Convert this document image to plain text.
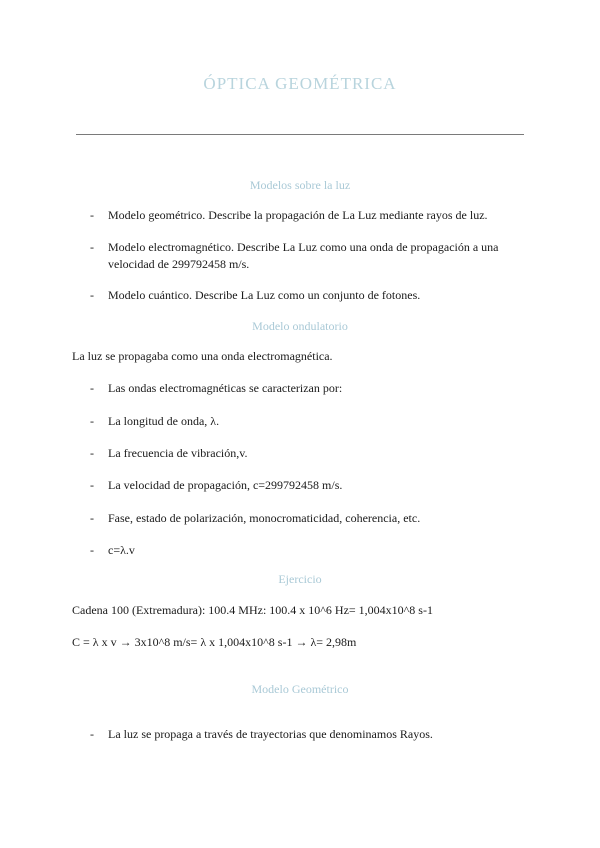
ÓPTICA GEOMÉTRICA
Modelos sobre la luz
- Modelo geométrico. Describe la propagación de La Luz mediante rayos de luz.
- Modelo electromagnético. Describe La Luz como una onda de propagación a una velocidad de 299792458 m/s.
- Modelo cuántico. Describe La Luz como un conjunto de fotones.
Modelo ondulatorio
La luz se propagaba como una onda electromagnética.
- Las ondas electromagnéticas se caracterizan por:
- La longitud de onda, λ.
- La frecuencia de vibración,v.
- La velocidad de propagación, c=299792458 m/s.
- Fase, estado de polarización, monocromaticidad, coherencia, etc.
- c=λ.v
Ejercicio
Cadena 100 (Extremadura): 100.4 MHz: 100.4 x 10^6 Hz= 1,004x10^8 s-1
C = λ x v → 3x10^8 m/s= λ x 1,004x10^8 s-1 → λ= 2,98m
Modelo Geométrico
- La luz se propaga a través de trayectorias que denominamos Rayos.
